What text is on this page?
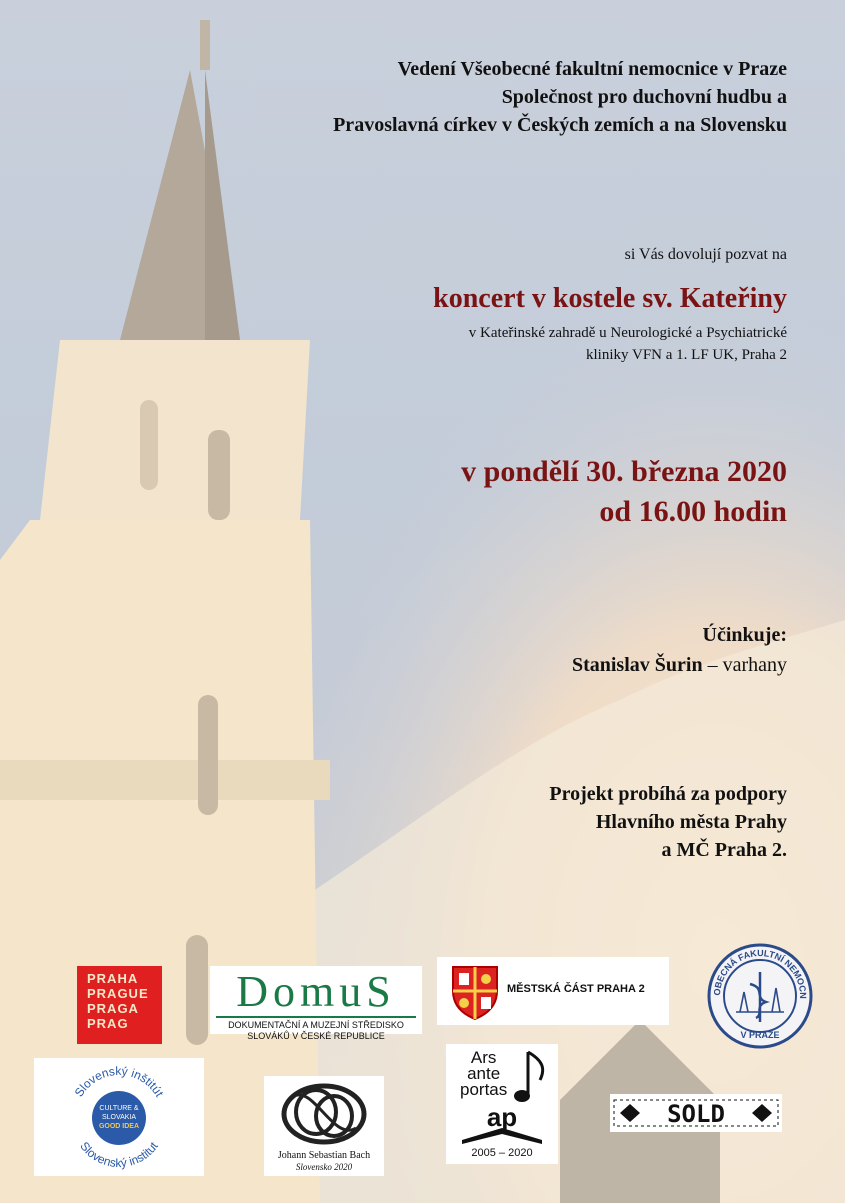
Vedení Všeobecné fakultní nemocnice v Praze
Společnost pro duchovní hudbu a
Pravoslavná církev v Českých zemích a na Slovensku
si Vás dovolují pozvat na
koncert v kostele sv. Kateřiny
v Kateřinské zahradě u Neurologické a Psychiatrické
kliniky VFN a 1. LF UK, Praha 2
v pondělí 30. března 2020
od 16.00 hodin
Účinkuje:
Stanislav Šurin – varhany
Projekt probíhá za podpory
Hlavního města Prahy
a MČ Praha 2.
PRAHA
PRAGUE
PRAGA
PRAG
DomuS
DOKUMENTAČNÍ A MUZEJNÍ STŘEDISKO
SLOVÁKŮ V ČESKÉ REPUBLICE
MĚSTSKÁ ČÁST PRAHA 2	OBECNÁ FAKULTNÍ NEMOCN
V PRAZE
Slovenský inštitút
Slovenský institut
CULTURE &
SLOVAKIA
GOOD IDEA
Johann Sebastian Bach
Slovensko 2020
Ars
ante
portas
ap
2005 – 2020
SOLD
